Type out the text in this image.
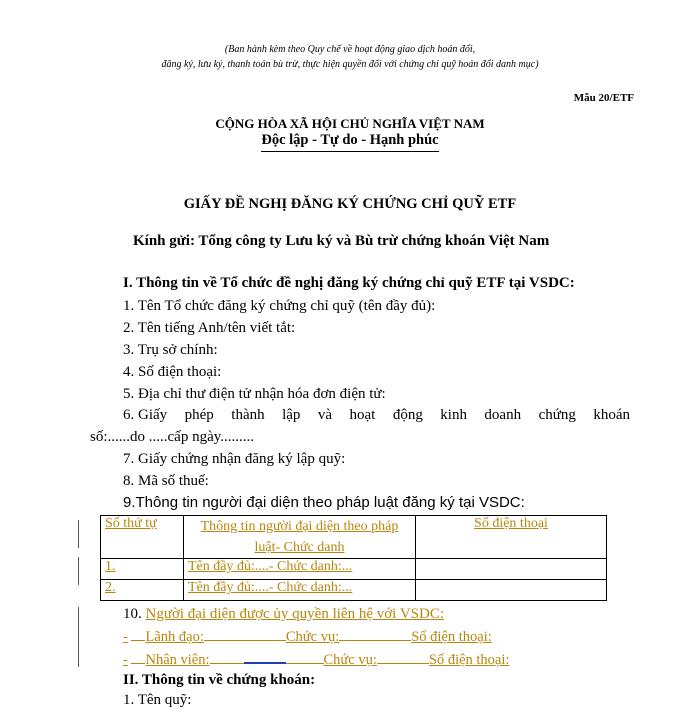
(Ban hành kèm theo Quy chế về hoạt động giao dịch hoán đổi,
đăng ký, lưu ký, thanh toán bù trừ, thực hiện quyền đối với chứng chỉ quỹ hoán đổi danh mục)
Mẫu 20/ETF
CỘNG HÒA XÃ HỘI CHỦ NGHĨA VIỆT NAM
Độc lập - Tự do - Hạnh phúc
GIẤY ĐỀ NGHỊ ĐĂNG KÝ CHỨNG CHỈ QUỸ ETF
Kính gửi: Tổng công ty Lưu ký và Bù trừ chứng khoán Việt Nam
I. Thông tin về Tổ chức đề nghị đăng ký chứng chỉ quỹ ETF tại VSDC:
1. Tên Tổ chức đăng ký chứng chỉ quỹ (tên đầy đủ):
2. Tên tiếng Anh/tên viết tắt:
3. Trụ sở chính:
4. Số điện thoại:
5. Địa chỉ thư điện tử nhận hóa đơn điện tử:
6. Giấy phép thành lập và hoạt động kinh doanh chứng khoán
số:......do .....cấp ngày.........
7. Giấy chứng nhận đăng ký lập quỹ:
8. Mã số thuế:
9.Thông tin người đại diện theo pháp luật đăng ký tại VSDC:
Số thứ tự	Thông tin người đại diện theo pháp luật- Chức danh	Số điện thoại
1.	Tên đầy đủ:....- Chức danh:...	
2.	Tên đầy đủ:....- Chức danh:...	
10. Người đại diện được ủy quyền liên hệ với VSDC:
- Lãnh đạo:	Chức vụ:	Số điện thoại:
- Nhân viên:	Chức vụ:	Số điện thoại:
II. Thông tin về chứng khoán:
1. Tên quỹ:
